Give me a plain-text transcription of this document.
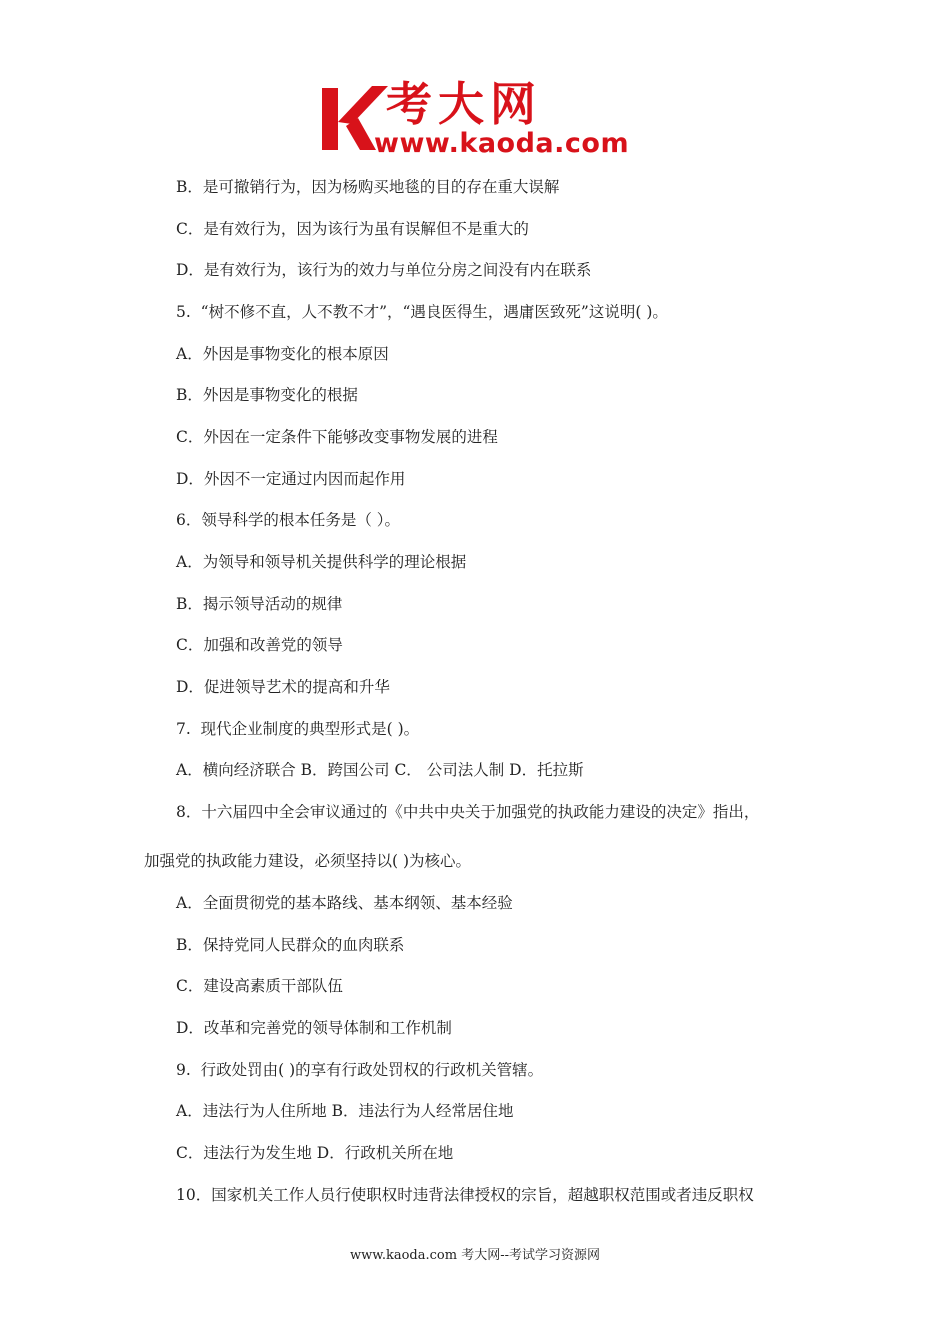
考大网
www.kaoda.com
B．是可撤销行为，因为杨购买地毯的目的存在重大误解
C．是有效行为，因为该行为虽有误解但不是重大的
D．是有效行为，该行为的效力与单位分房之间没有内在联系
5.  “树不修不直，人不教不才”，“遇良医得生，遇庸医致死”这说明( )。
A．外因是事物变化的根本原因
B．外因是事物变化的根据
C．外因在一定条件下能够改变事物发展的进程
D．外因不一定通过内因而起作用
6．领导科学的根本任务是（ ）。
A．为领导和领导机关提供科学的理论根据
B．揭示领导活动的规律
C．加强和改善党的领导
D．促进领导艺术的提高和升华
7.  现代企业制度的典型形式是( )。
A．横向经济联合 B．跨国公司 C． 公司法人制 D．托拉斯
8．十六届四中全会审议通过的《中共中央关于加强党的执政能力建设的决定》指出，
加强党的执政能力建设，必须坚持以( )为核心。
A．全面贯彻党的基本路线、基本纲领、基本经验
B．保持党同人民群众的血肉联系
C．建设高素质干部队伍
D．改革和完善党的领导体制和工作机制
9.  行政处罚由( )的享有行政处罚权的行政机关管辖。
A．违法行为人住所地 B．违法行为人经常居住地
C．违法行为发生地 D．行政机关所在地
10．国家机关工作人员行使职权时违背法律授权的宗旨，超越职权范围或者违反职权
www.kaoda.com 考大网--考试学习资源网
